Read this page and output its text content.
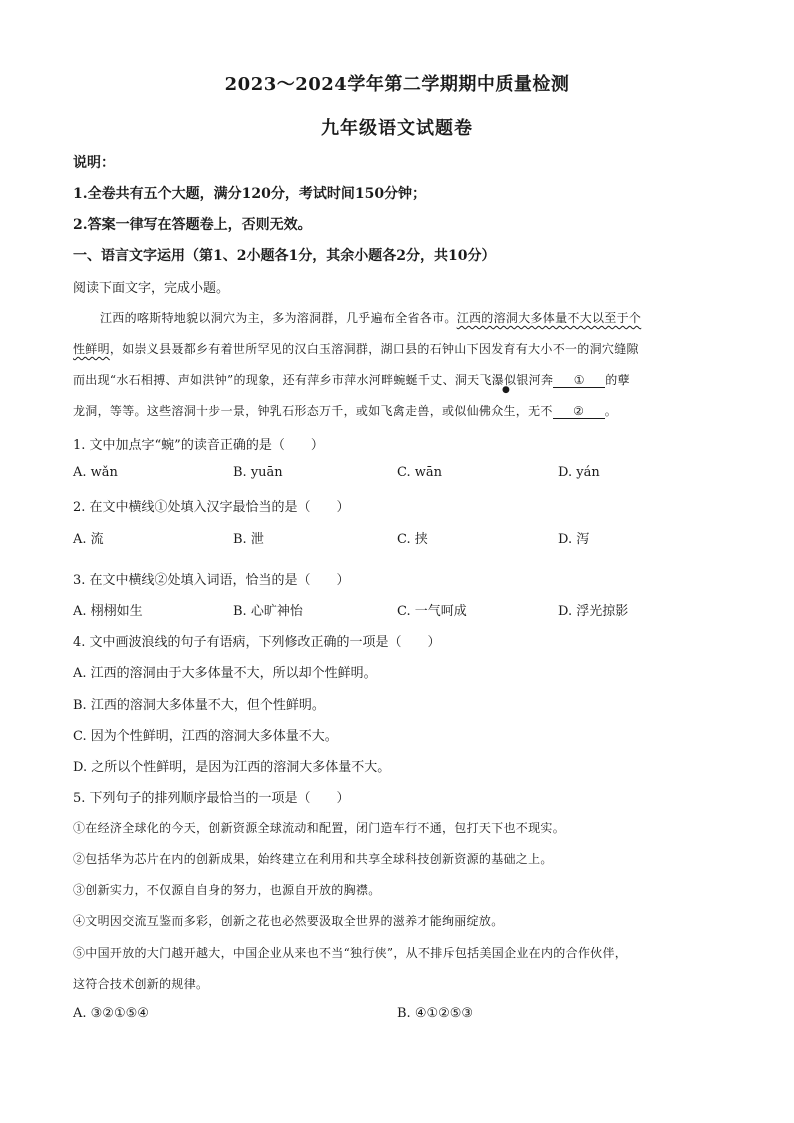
2023～2024学年第二学期期中质量检测
九年级语文试题卷
说明：
1.全卷共有五个大题，满分120分，考试时间150分钟；
2.答案一律写在答题卷上，否则无效。
一、语言文字运用（第1、2小题各1分，其余小题各2分，共10分）
阅读下面文字，完成小题。
江西的喀斯特地貌以洞穴为主，多为溶洞群，几乎遍布全省各市。江西的溶洞大多体量不大以至于个
性鲜明，如崇义县聂都乡有着世所罕见的汉白玉溶洞群，湖口县的石钟山下因发育有大小不一的洞穴缝隙
而出现“水石相搏、声如洪钟”的现象，还有萍乡市萍水河畔蜿蜒千丈、洞天飞瀑似银河奔 ① 的孽
●
龙洞，等等。这些溶洞十步一景，钟乳石形态万千，或如飞禽走兽，或似仙佛众生，无不 ② 。
1. 文中加点字“蜿”的读音正确的是（　　）
A. wǎn	B. yuān	C. wān	D. yán
2. 在文中横线①处填入汉字最恰当的是（　　）
A. 流	B. 泄	C. 挟	D. 泻
3. 在文中横线②处填入词语，恰当的是（　　）
A. 栩栩如生	B. 心旷神怡	C. 一气呵成	D. 浮光掠影
4. 文中画波浪线的句子有语病，下列修改正确的一项是（　　）
A. 江西的溶洞由于大多体量不大，所以却个性鲜明。
B. 江西的溶洞大多体量不大，但个性鲜明。
C. 因为个性鲜明，江西的溶洞大多体量不大。
D. 之所以个性鲜明，是因为江西的溶洞大多体量不大。
5. 下列句子的排列顺序最恰当的一项是（　　）
①在经济全球化的今天，创新资源全球流动和配置，闭门造车行不通，包打天下也不现实。
②包括华为芯片在内的创新成果，始终建立在利用和共享全球科技创新资源的基础之上。
③创新实力，不仅源自自身的努力，也源自开放的胸襟。
④文明因交流互鉴而多彩，创新之花也必然要汲取全世界的滋养才能绚丽绽放。
⑤中国开放的大门越开越大，中国企业从来也不当“独行侠”，从不排斥包括美国企业在内的合作伙伴，
这符合技术创新的规律。
A. ③②①⑤④	B. ④①②⑤③
